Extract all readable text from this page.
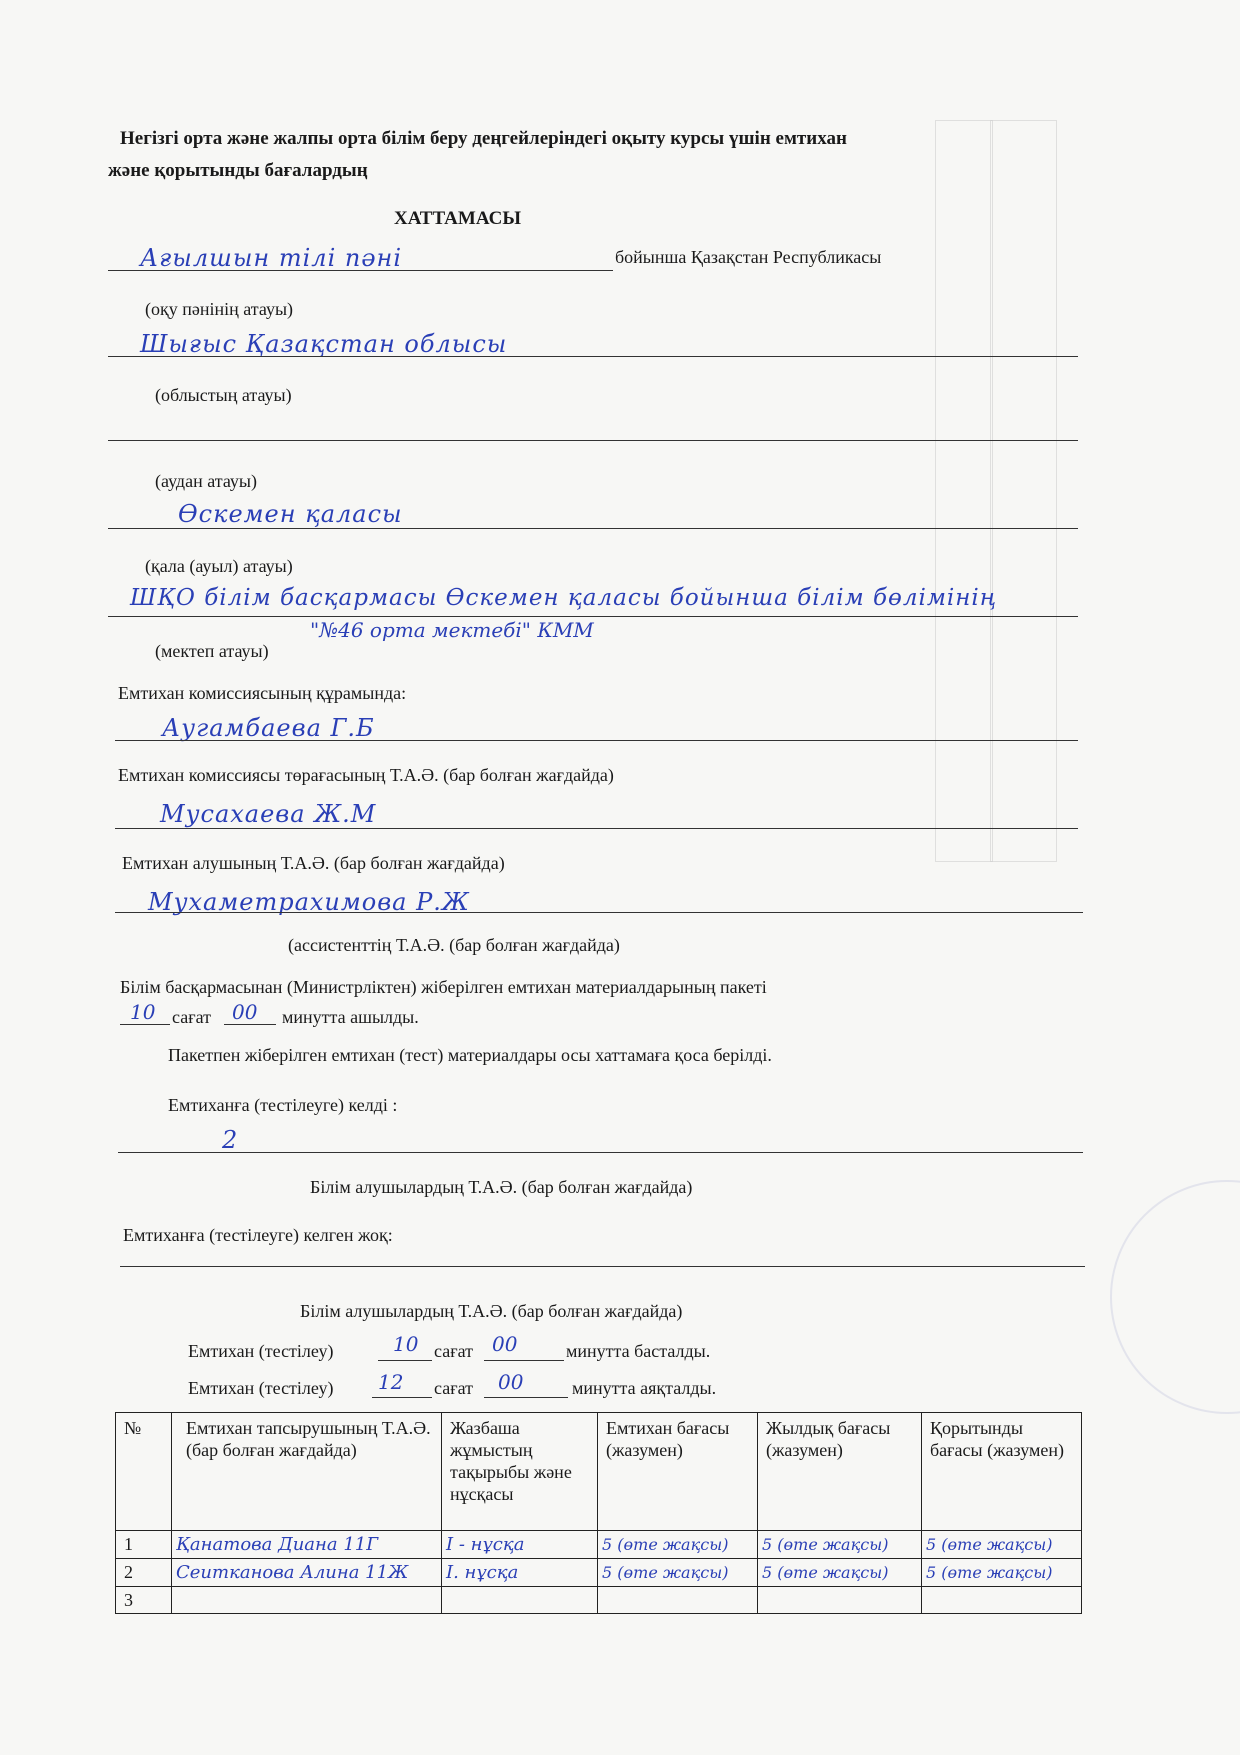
Негізгі орта және жалпы орта білім беру деңгейлеріндегі оқыту курсы үшін емтихан
және қорытынды бағалардың
ХАТТАМАСЫ
Ағылшын тілі пәні	бойынша Қазақстан Республикасы
(оқу пәнінің атауы)
Шығыс Қазақстан облысы
(облыстың атауы)
(аудан атауы)
Өскемен қаласы
(қала (ауыл) атауы)
ШҚО білім басқармасы Өскемен қаласы бойынша білім бөлімінің
"№46 орта мектебі" КММ
(мектеп атауы)
Емтихан комиссиясының құрамында:
Аугамбаева Г.Б
Емтихан комиссиясы төрағасының Т.А.Ә. (бар болған жағдайда)
Мусахаева Ж.М
Емтихан алушының Т.А.Ә. (бар болған жағдайда)
Мухаметрахимова Р.Ж
(ассистенттің Т.А.Ә. (бар болған жағдайда)
Білім басқармасынан (Министрліктен) жіберілген емтихан материалдарының пакеті
10 сағат 00 минутта ашылды.
Пакетпен жіберілген емтихан (тест) материалдары осы хаттамаға қоса берілді.
Емтиханға (тестілеуге) келді :
2
Білім алушылардың Т.А.Ә. (бар болған жағдайда)
Емтиханға (тестілеуге) келген жоқ:
Білім алушылардың Т.А.Ә. (бар болған жағдайда)
Емтихан (тестілеу)	10 сағат 00	минутта басталды.
Емтихан (тестілеу) 12 сағат 00	минутта аяқталды.
№	Емтихан тапсырушының Т.А.Ә. (бар болған жағдайда)	Жазбаша жұмыстың тақырыбы және нұсқасы	Емтихан бағасы (жазумен)	Жылдық бағасы (жазумен)	Қорытынды бағасы (жазумен)
1	Қанатова Диана 11Г	I - нұсқа	5 (өте жақсы)	5 (өте жақсы)	5 (өте жақсы)
2	Сеитканова Алина 11Ж	I. нұсқа	5 (өте жақсы)	5 (өте жақсы)	5 (өте жақсы)
3					
